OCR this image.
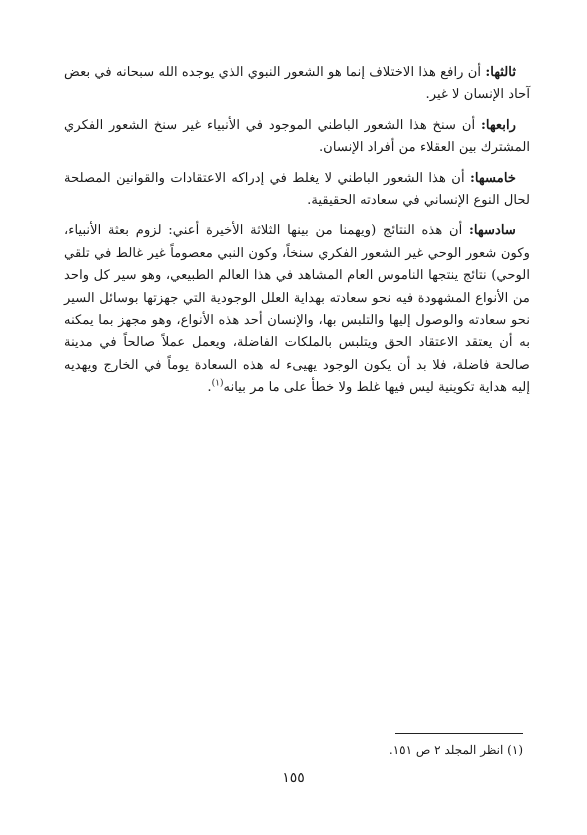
ثالثها: أن رافع هذا الاختلاف إنما هو الشعور النبوي الذي يوجده الله سبحانه في بعض آحاد الإنسان لا غير.

رابعها: أن سنخ هذا الشعور الباطني الموجود في الأنبياء غير سنخ الشعور الفكري المشترك بين العقلاء من أفراد الإنسان.

خامسها: أن هذا الشعور الباطني لا يغلط في إدراكه الاعتقادات والقوانين المصلحة لحال النوع الإنساني في سعادته الحقيقية.

سادسها: أن هذه النتائج (ويهمنا من بينها الثلاثة الأخيرة أعني: لزوم بعثة الأنبياء، وكون شعور الوحي غير الشعور الفكري سنخاً، وكون النبي معصوماً غير غالط في تلقي الوحي) نتائج ينتجها الناموس العام المشاهد في هذا العالم الطبيعي، وهو سير كل واحد من الأنواع المشهودة فيه نحو سعادته بهداية العلل الوجودية التي جهزتها بوسائل السير نحو سعادته والوصول إليها والتلبس بها، والإنسان أحد هذه الأنواع، وهو مجهز بما يمكنه به أن يعتقد الاعتقاد الحق ويتلبس بالملكات الفاضلة، ويعمل عملاً صالحاً في مدينة صالحة فاضلة، فلا بد أن يكون الوجود يهيىء له هذه السعادة يوماً في الخارج ويهديه إليه هداية تكوينية ليس فيها غلط ولا خطأ على ما مر بيانه$^{(١)}$.

(١) انظر المجلد ٢ ص ١٥١.
١٥٥
